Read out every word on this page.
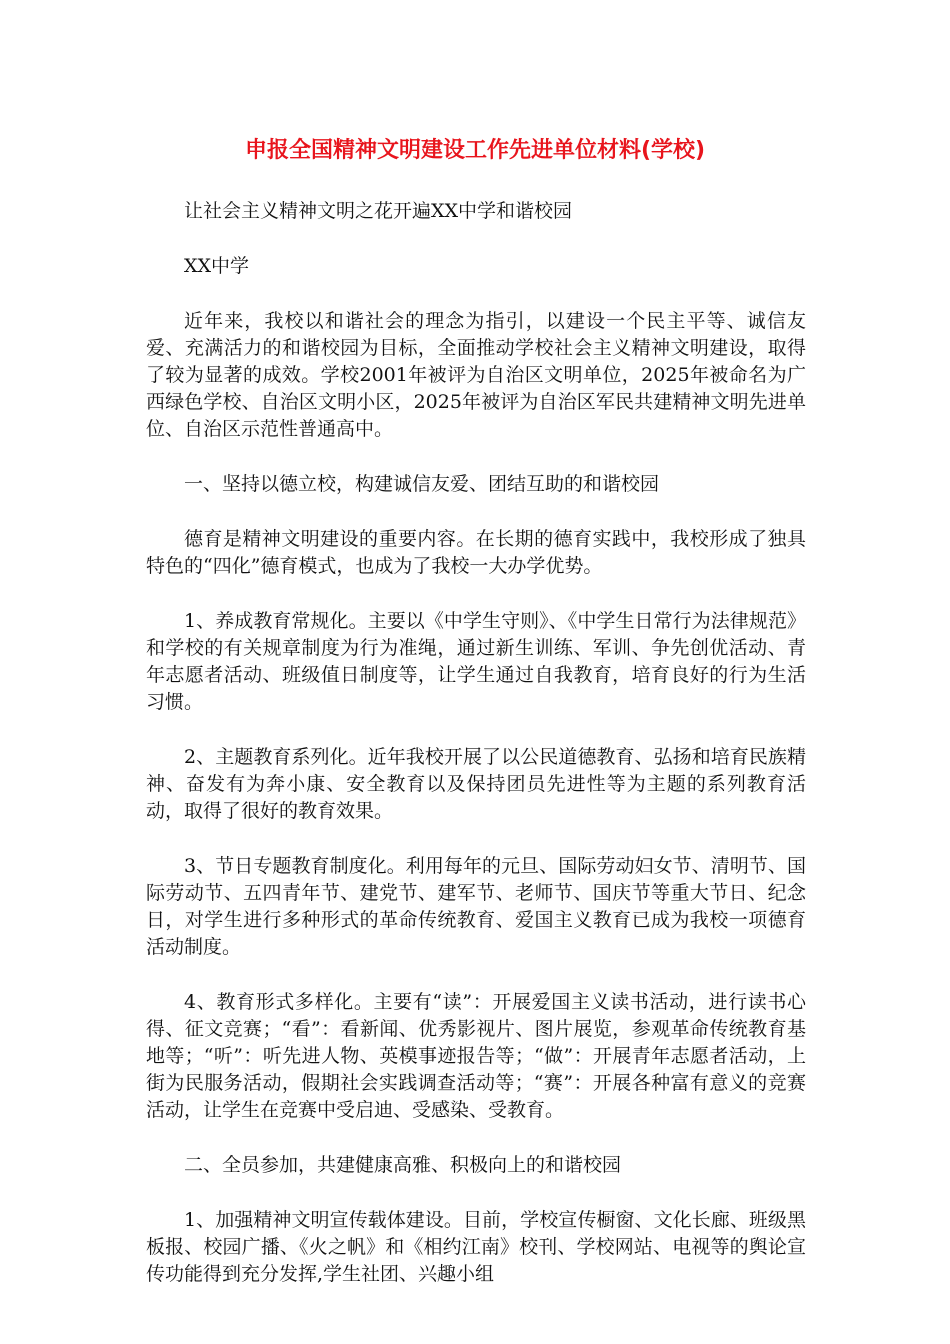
申报全国精神文明建设工作先进单位材料(学校)

让社会主义精神文明之花开遍XX中学和谐校园

XX中学

近年来，我校以和谐社会的理念为指引，以建设一个民主平等、诚信友爱、充满活力的和谐校园为目标，全面推动学校社会主义精神文明建设，取得了较为显著的成效。学校2001年被评为自治区文明单位，2025年被命名为广西绿色学校、自治区文明小区，2025年被评为自治区军民共建精神文明先进单位、自治区示范性普通高中。

一、坚持以德立校，构建诚信友爱、团结互助的和谐校园

德育是精神文明建设的重要内容。在长期的德育实践中，我校形成了独具特色的“四化”德育模式，也成为了我校一大办学优势。

1、养成教育常规化。主要以《中学生守则》、《中学生日常行为法律规范》和学校的有关规章制度为行为准绳，通过新生训练、军训、争先创优活动、青年志愿者活动、班级值日制度等，让学生通过自我教育，培育良好的行为生活习惯。

2、主题教育系列化。近年我校开展了以公民道德教育、弘扬和培育民族精神、奋发有为奔小康、安全教育以及保持团员先进性等为主题的系列教育活动，取得了很好的教育效果。

3、节日专题教育制度化。利用每年的元旦、国际劳动妇女节、清明节、国际劳动节、五四青年节、建党节、建军节、老师节、国庆节等重大节日、纪念日，对学生进行多种形式的革命传统教育、爱国主义教育已成为我校一项德育活动制度。

4、教育形式多样化。主要有“读”：开展爱国主义读书活动，进行读书心得、征文竞赛；“看”：看新闻、优秀影视片、图片展览，参观革命传统教育基地等；“听”：听先进人物、英模事迹报告等；“做”：开展青年志愿者活动，上街为民服务活动，假期社会实践调查活动等；“赛”：开展各种富有意义的竞赛活动，让学生在竞赛中受启迪、受感染、受教育。

二、全员参加，共建健康高雅、积极向上的和谐校园

1、加强精神文明宣传载体建设。目前，学校宣传橱窗、文化长廊、班级黑板报、校园广播、《火之帆》和《相约江南》校刊、学校网站、电视等的舆论宣传功能得到充分发挥,学生社团、兴趣小组
